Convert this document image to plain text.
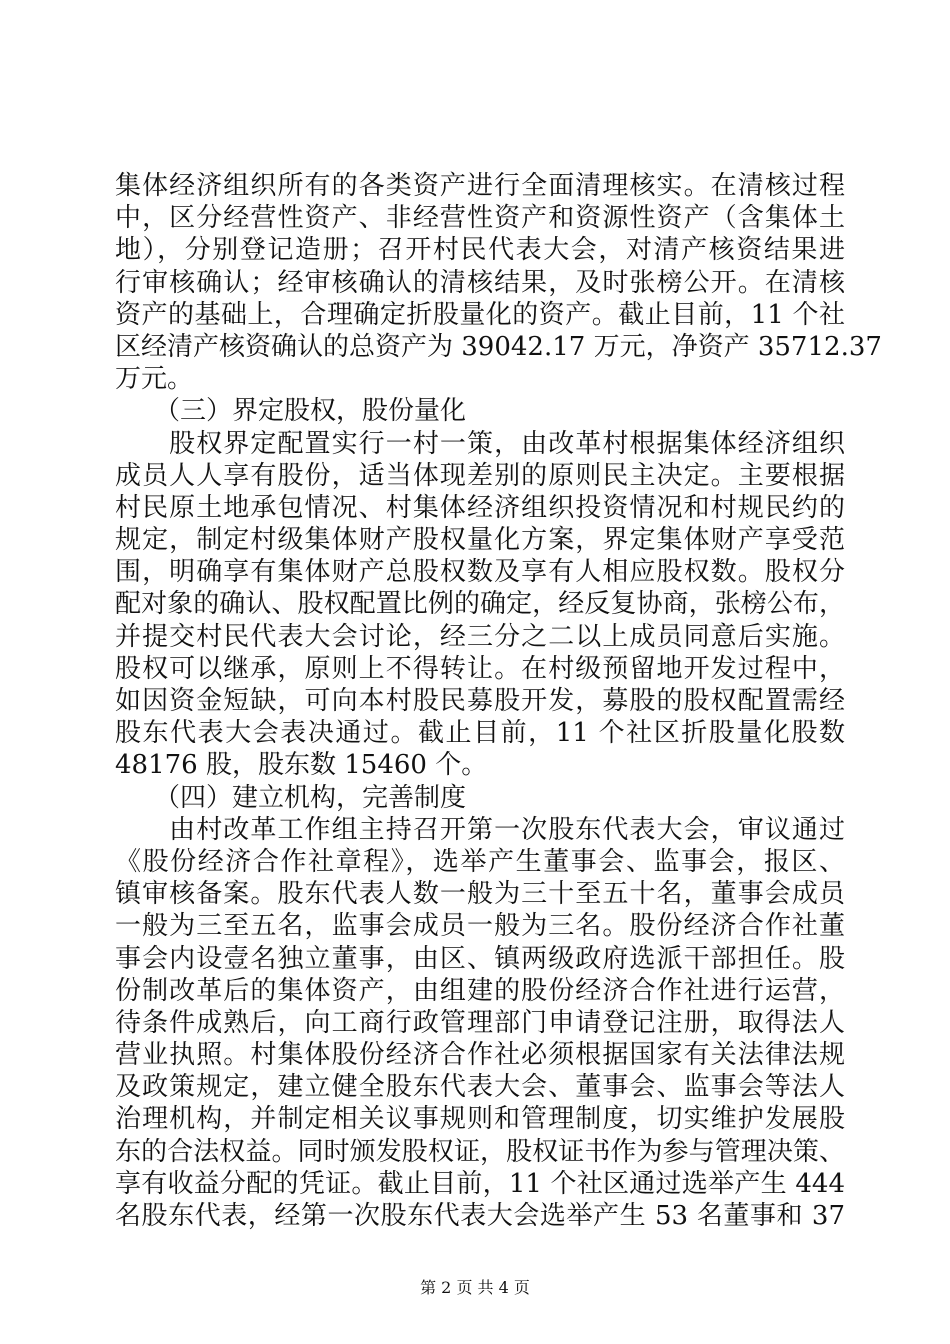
集体经济组织所有的各类资产进行全面清理核实。在清核过程
中，区分经营性资产、非经营性资产和资源性资产（含集体土
地），分别登记造册；召开村民代表大会，对清产核资结果进
行审核确认；经审核确认的清核结果，及时张榜公开。在清核
资产的基础上，合理确定折股量化的资产。截止目前，11 个社
区经清产核资确认的总资产为 39042.17 万元，净资产 35712.37
万元。
　　（三）界定股权，股份量化
　　股权界定配置实行一村一策，由改革村根据集体经济组织
成员人人享有股份，适当体现差别的原则民主决定。主要根据
村民原土地承包情况、村集体经济组织投资情况和村规民约的
规定，制定村级集体财产股权量化方案，界定集体财产享受范
围，明确享有集体财产总股权数及享有人相应股权数。股权分
配对象的确认、股权配置比例的确定，经反复协商，张榜公布，
并提交村民代表大会讨论，经三分之二以上成员同意后实施。
股权可以继承，原则上不得转让。在村级预留地开发过程中，
如因资金短缺，可向本村股民募股开发，募股的股权配置需经
股东代表大会表决通过。截止目前，11 个社区折股量化股数
48176 股，股东数 15460 个。
　　（四）建立机构，完善制度
　　由村改革工作组主持召开第一次股东代表大会，审议通过
《股份经济合作社章程》，选举产生董事会、监事会，报区、
镇审核备案。股东代表人数一般为三十至五十名，董事会成员
一般为三至五名，监事会成员一般为三名。股份经济合作社董
事会内设壹名独立董事，由区、镇两级政府选派干部担任。股
份制改革后的集体资产，由组建的股份经济合作社进行运营，
待条件成熟后，向工商行政管理部门申请登记注册，取得法人
营业执照。村集体股份经济合作社必须根据国家有关法律法规
及政策规定，建立健全股东代表大会、董事会、监事会等法人
治理机构，并制定相关议事规则和管理制度，切实维护发展股
东的合法权益。同时颁发股权证，股权证书作为参与管理决策、
享有收益分配的凭证。截止目前，11 个社区通过选举产生 444
名股东代表，经第一次股东代表大会选举产生 53 名董事和 37
第 2 页 共 4 页
